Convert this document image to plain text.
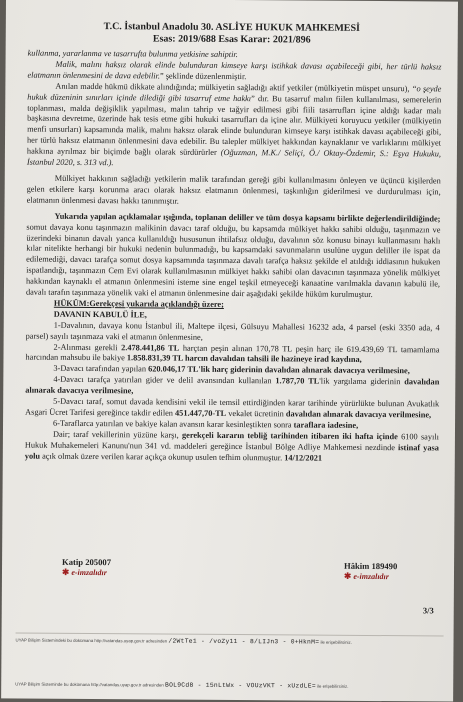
T.C. İstanbul Anadolu 30. ASLİYE HUKUK MAHKEMESİ
Esas: 2019/688 Esas Karar: 2021/896

kullanma, yararlanma ve tasarrufta bulunma yetkisine sahiptir.

Malik, malını haksız olarak elinde bulunduran kimseye karşı istihkak davası açabileceği gibi, her türlü haksız elatmanın önlenmesini de dava edebilir.” şeklinde düzenlenmiştir.

Anılan madde hükmü dikkate alındığında; mülkiyetin sağladığı aktif yetkiler (mülkiyetin müspet unsuru), “o şeyde hukuk düzeninin sınırları içinde dilediği gibi tasarruf etme hakkı” dır. Bu tasarruf malın fiilen kullanılması, semerelerin toplanması, malda değişiklik yapılması, malın tahrip ve tağyir edilmesi gibi fiili tasarrufları içine aldığı kadar malı başkasına devretme, üzerinde hak tesis etme gibi hukuki tasarrufları da içine alır. Mülkiyeti koruyucu yetkiler (mülkiyetin menfi unsurları) kapsamında malik, malını haksız olarak elinde bulunduran kimseye karşı istihkak davası açabileceği gibi, her türlü haksız elatmanın önlenmesini dava edebilir. Bu talepler mülkiyet hakkından kaynaklanır ve varlıklarını mülkiyet hakkına ayrılmaz bir biçimde bağlı olarak sürdürürler (Oğuzman, M.K./ Seliçi, Ö./ Oktay-Özdemir, S.: Eşya Hukuku, İstanbul 2020, s. 313 vd.).

Mülkiyet hakkının sağladığı yetkilerin malik tarafından gereği gibi kullanılmasını önleyen ve üçüncü kişilerden gelen etkilere karşı korunma aracı olarak haksız elatmanın önlenmesi, taşkınlığın giderilmesi ve durdurulması için, elatmanın önlenmesi davası hakkı tanınmıştır.

Yukarıda yapılan açıklamalar ışığında, toplanan deliller ve tüm dosya kapsamı birlikte değerlendirildiğinde; somut davaya konu taşınmazın malikinin davacı taraf olduğu, bu kapsamda mülkiyet hakkı sahibi olduğu, taşınmazın ve üzerindeki binanın davalı yanca kullanıldığı hususunun ihtilafsız olduğu, davalının söz konusu binayı kullanmasını haklı kılar nitelikte herhangi bir hukuki nedenin bulunmadığı, bu kapsamdaki savunmaların usulüne uygun deliller ile ispat da edilemediği, davacı tarafça somut dosya kapsamında taşınmaza davalı tarafça haksız şekilde el atıldığı iddiasının hukuken ispatlandığı, taşınmazın Cem Evi olarak kullanılmasının mülkiyet hakkı sahibi olan davacının taşınmaza yönelik mülkiyet hakkından kaynaklı el atmanın önlenmesini isteme sine engel teşkil etmeyeceği kanaatine varılmakla davanın kabulü ile, davalı tarafın taşınmaza yönelik vaki el atmanın önlenmesine dair aşağıdaki şekilde hüküm kurulmuştur.

HÜKÜM:Gerekçesi yukarıda açıklandığı üzere;

DAVANIN KABULÜ İLE,

1-Davalının, davaya konu İstanbul ili, Maltepe ilçesi, Gülsuyu Mahallesi 16232 ada, 4 parsel (eski 3350 ada, 4 parsel) sayılı taşınmaza vaki el atmanın önlenmesine,

2-Alınması gerekli 2.478.441,86 TL harçtan peşin alınan 170,78 TL peşin harç ile 619.439,69 TL tamamlama harcından mahsubu ile bakiye 1.858.831,39 TL harcın davalıdan tahsili ile hazineye irad kaydına,

3-Davacı tarafından yapılan 620.046,17 TL'lik harç giderinin davalıdan alınarak davacıya verilmesine,

4-Davacı tarafça yatırılan gider ve delil avansından kullanılan 1.787,70 TL'lik yargılama giderinin davalıdan alınarak davacıya verilmesine,

5-Davacı taraf, somut davada kendisini vekil ile temsil ettirdiğinden karar tarihinde yürürlükte bulunan Avukatlık Asgari Ücret Tarifesi gereğince takdir edilen 451.447,70-TL vekalet ücretinin davalıdan alınarak davacıya verilmesine,

6-Taraflarca yatırılan ve bakiye kalan avansın karar kesinleştikten sonra taraflara iadesine,

Dair; taraf vekillerinin yüzüne karşı, gerekçeli kararın tebliğ tarihinden itibaren iki hafta içinde 6100 sayılı Hukuk Muhakemeleri Kanunu'nun 341 vd. maddeleri gereğince İstanbul Bölge Adliye Mahkemesi nezdinde istinaf yasa yolu açık olmak üzere verilen karar açıkça okunup usulen tefhim olunmuştur. 14/12/2021

Katip 205007
✱ e-imzalıdır
Hâkim 189490
✱ e-imzalıdır
3/3
UYAP Bilişim Sistemindeki bu dokümana http://vatandas.uyap.gov.tr adresinden /2WtTe1 - /voZy11 - 8/LIJn3 - 0+HknM= ile erişebilirsiniz.
UYAP Bilişim Sisteminde bu dokümana http://vatandas.uyap.gov.tr adresinden BOL9Cd8 - 15nLtWx - VOUzVKT - xUzdLE= ile erişebilirsiniz.
